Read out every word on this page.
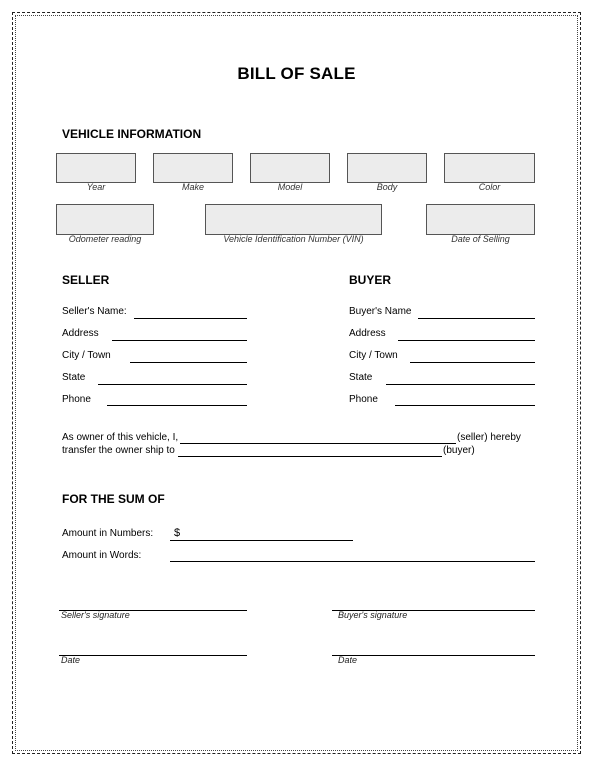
BILL OF SALE
VEHICLE INFORMATION
Year	Make	Model	Body	Color
Odometer reading	Vehicle Identification Number (VIN)	Date of Selling
SELLER
Seller's Name:
Address
City / Town
State
Phone
BUYER
Buyer's Name
Address
City / Town
State
Phone
As owner of this vehicle, I,	(seller) hereby
transfer the owner ship to	(buyer)
FOR THE SUM OF
Amount in Numbers: $
Amount in Words:
Seller's signature	Buyer's signature
Date	Date
